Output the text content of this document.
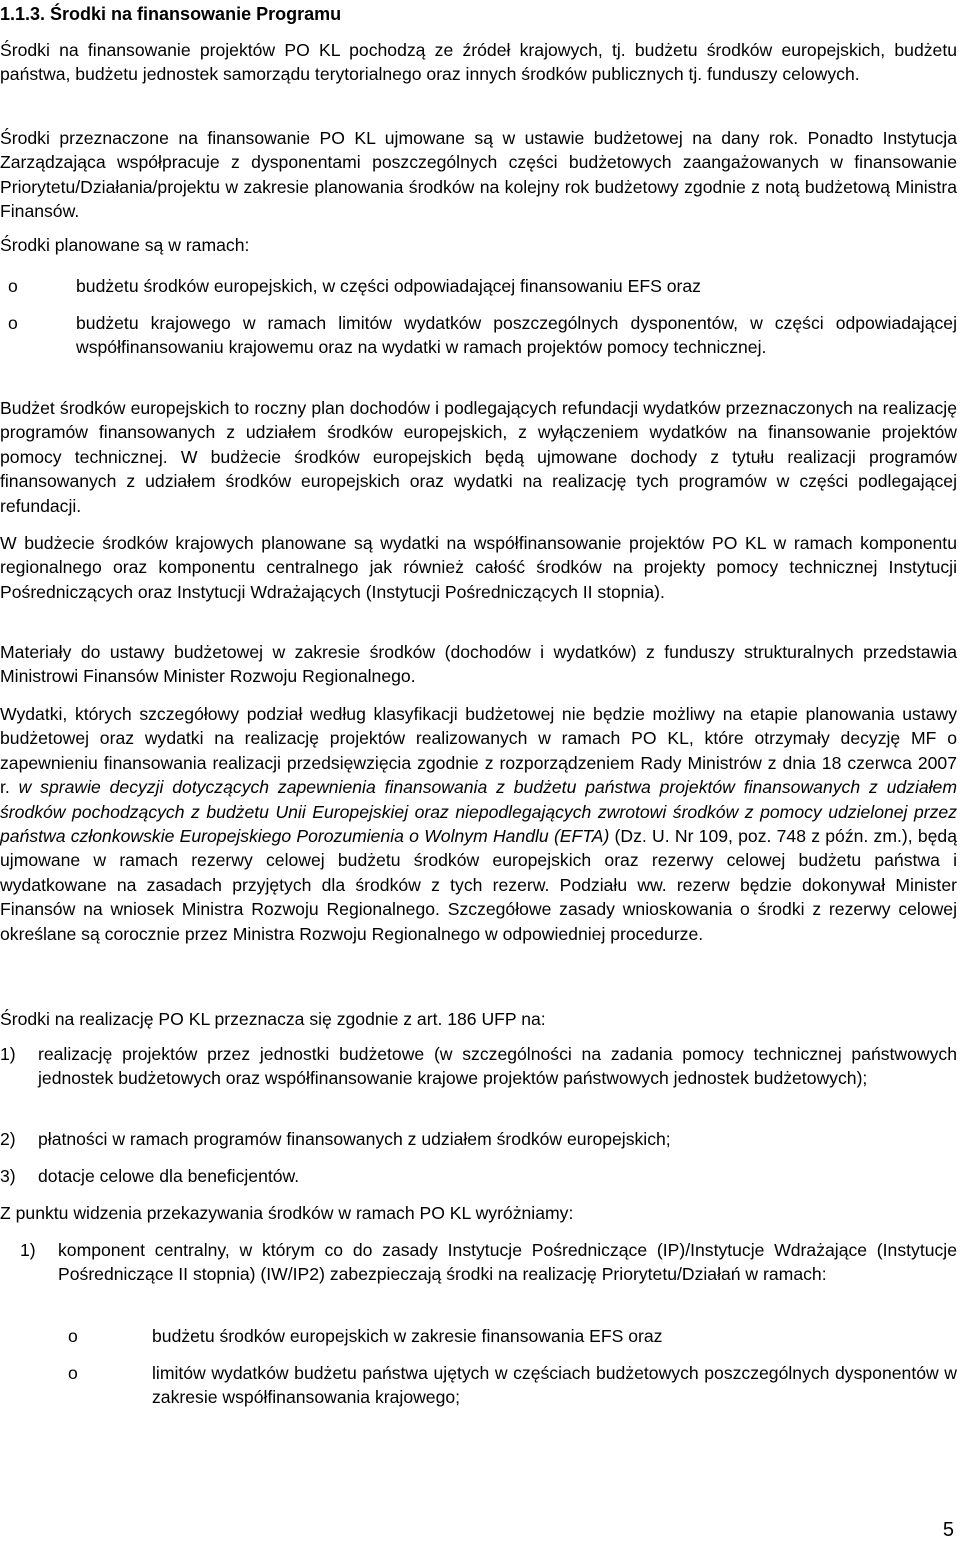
1.1.3. Środki na finansowanie Programu

Środki na finansowanie projektów PO KL pochodzą ze źródeł krajowych, tj. budżetu środków europejskich, budżetu państwa, budżetu jednostek samorządu terytorialnego oraz innych środków publicznych tj. funduszy celowych.

Środki przeznaczone na finansowanie PO KL ujmowane są w ustawie budżetowej na dany rok. Ponadto Instytucja Zarządzająca współpracuje z dysponentami poszczególnych części budżetowych zaangażowanych w finansowanie Priorytetu/Działania/projektu w zakresie planowania środków na kolejny rok budżetowy zgodnie z notą budżetową Ministra Finansów.

Środki planowane są w ramach:

o	budżetu środków europejskich, w części odpowiadającej finansowaniu EFS oraz
o	budżetu krajowego w ramach limitów wydatków poszczególnych dysponentów, w części odpowiadającej współfinansowaniu krajowemu oraz na wydatki w ramach projektów pomocy technicznej.

Budżet środków europejskich to roczny plan dochodów i podlegających refundacji wydatków przeznaczonych na realizację programów finansowanych z udziałem środków europejskich, z wyłączeniem wydatków na finansowanie projektów pomocy technicznej. W budżecie środków europejskich będą ujmowane dochody z tytułu realizacji programów finansowanych z udziałem środków europejskich oraz wydatki na realizację tych programów w części podlegającej refundacji.

W budżecie środków krajowych planowane są wydatki na współfinansowanie projektów PO KL w ramach komponentu regionalnego oraz komponentu centralnego jak również całość środków na projekty pomocy technicznej Instytucji Pośredniczących oraz Instytucji Wdrażających (Instytucji Pośredniczących II stopnia).

Materiały do ustawy budżetowej w zakresie środków (dochodów i wydatków) z funduszy strukturalnych przedstawia Ministrowi Finansów Minister Rozwoju Regionalnego.

Wydatki, których szczegółowy podział według klasyfikacji budżetowej nie będzie możliwy na etapie planowania ustawy budżetowej oraz wydatki na realizację projektów realizowanych w ramach PO KL, które otrzymały decyzję MF o zapewnieniu finansowania realizacji przedsięwzięcia zgodnie z rozporządzeniem Rady Ministrów z dnia 18 czerwca 2007 r. w sprawie decyzji dotyczących zapewnienia finansowania z budżetu państwa projektów finansowanych z udziałem środków pochodzących z budżetu Unii Europejskiej oraz niepodlegających zwrotowi środków z pomocy udzielonej przez państwa członkowskie Europejskiego Porozumienia o Wolnym Handlu (EFTA) (Dz. U. Nr 109, poz. 748 z późn. zm.), będą ujmowane w ramach rezerwy celowej budżetu środków europejskich oraz rezerwy celowej budżetu państwa i wydatkowane na zasadach przyjętych dla środków z tych rezerw. Podziału ww. rezerw będzie dokonywał Minister Finansów na wniosek Ministra Rozwoju Regionalnego. Szczegółowe zasady wnioskowania o środki z rezerwy celowej określane są corocznie przez Ministra Rozwoju Regionalnego w odpowiedniej procedurze.

Środki na realizację PO KL przeznacza się zgodnie z art. 186 UFP na:

1)	realizację projektów przez jednostki budżetowe (w szczególności na zadania pomocy technicznej państwowych jednostek budżetowych oraz współfinansowanie krajowe projektów państwowych jednostek budżetowych);
2)	płatności w ramach programów finansowanych z udziałem środków europejskich;
3)	dotacje celowe dla beneficjentów.

Z punktu widzenia przekazywania środków w ramach PO KL wyróżniamy:

1)	komponent centralny, w którym co do zasady Instytucje Pośredniczące (IP)/Instytucje Wdrażające (Instytucje Pośredniczące II stopnia) (IW/IP2) zabezpieczają środki na realizację Priorytetu/Działań w ramach:
o	budżetu środków europejskich w zakresie finansowania EFS oraz
o	limitów wydatków budżetu państwa ujętych w częściach budżetowych poszczególnych dysponentów w zakresie współfinansowania krajowego;
5
